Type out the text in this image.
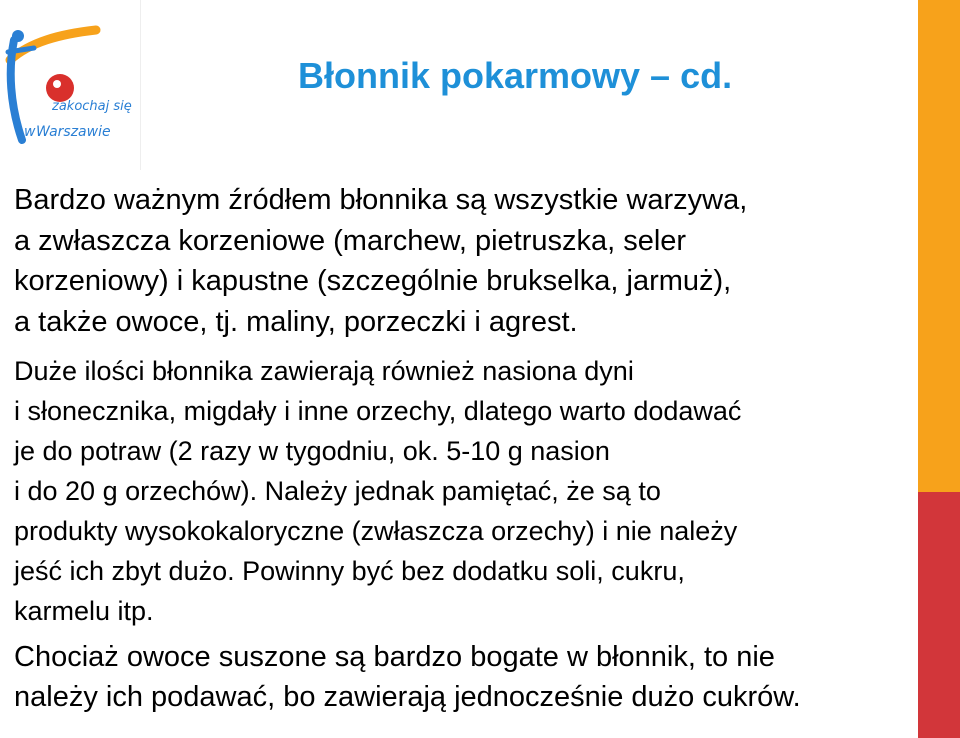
zakochaj się
w Warszawie
Błonnik pokarmowy – cd.

Bardzo ważnym źródłem błonnika są wszystkie warzywa,
a zwłaszcza korzeniowe (marchew, pietruszka, seler
korzeniowy) i kapustne (szczególnie brukselka, jarmuż),
a także owoce, tj. maliny, porzeczki i agrest.

Duże ilości błonnika zawierają również nasiona dyni
i słonecznika, migdały i inne orzechy, dlatego warto dodawać
je do potraw (2 razy w tygodniu, ok. 5-10 g nasion
i do 20 g orzechów). Należy jednak pamiętać, że są to
produkty wysokokaloryczne (zwłaszcza orzechy) i nie należy
jeść ich zbyt dużo. Powinny być bez dodatku soli, cukru,
karmelu itp.

Chociaż owoce suszone są bardzo bogate w błonnik, to nie
należy ich podawać, bo zawierają jednocześnie dużo cukrów.
